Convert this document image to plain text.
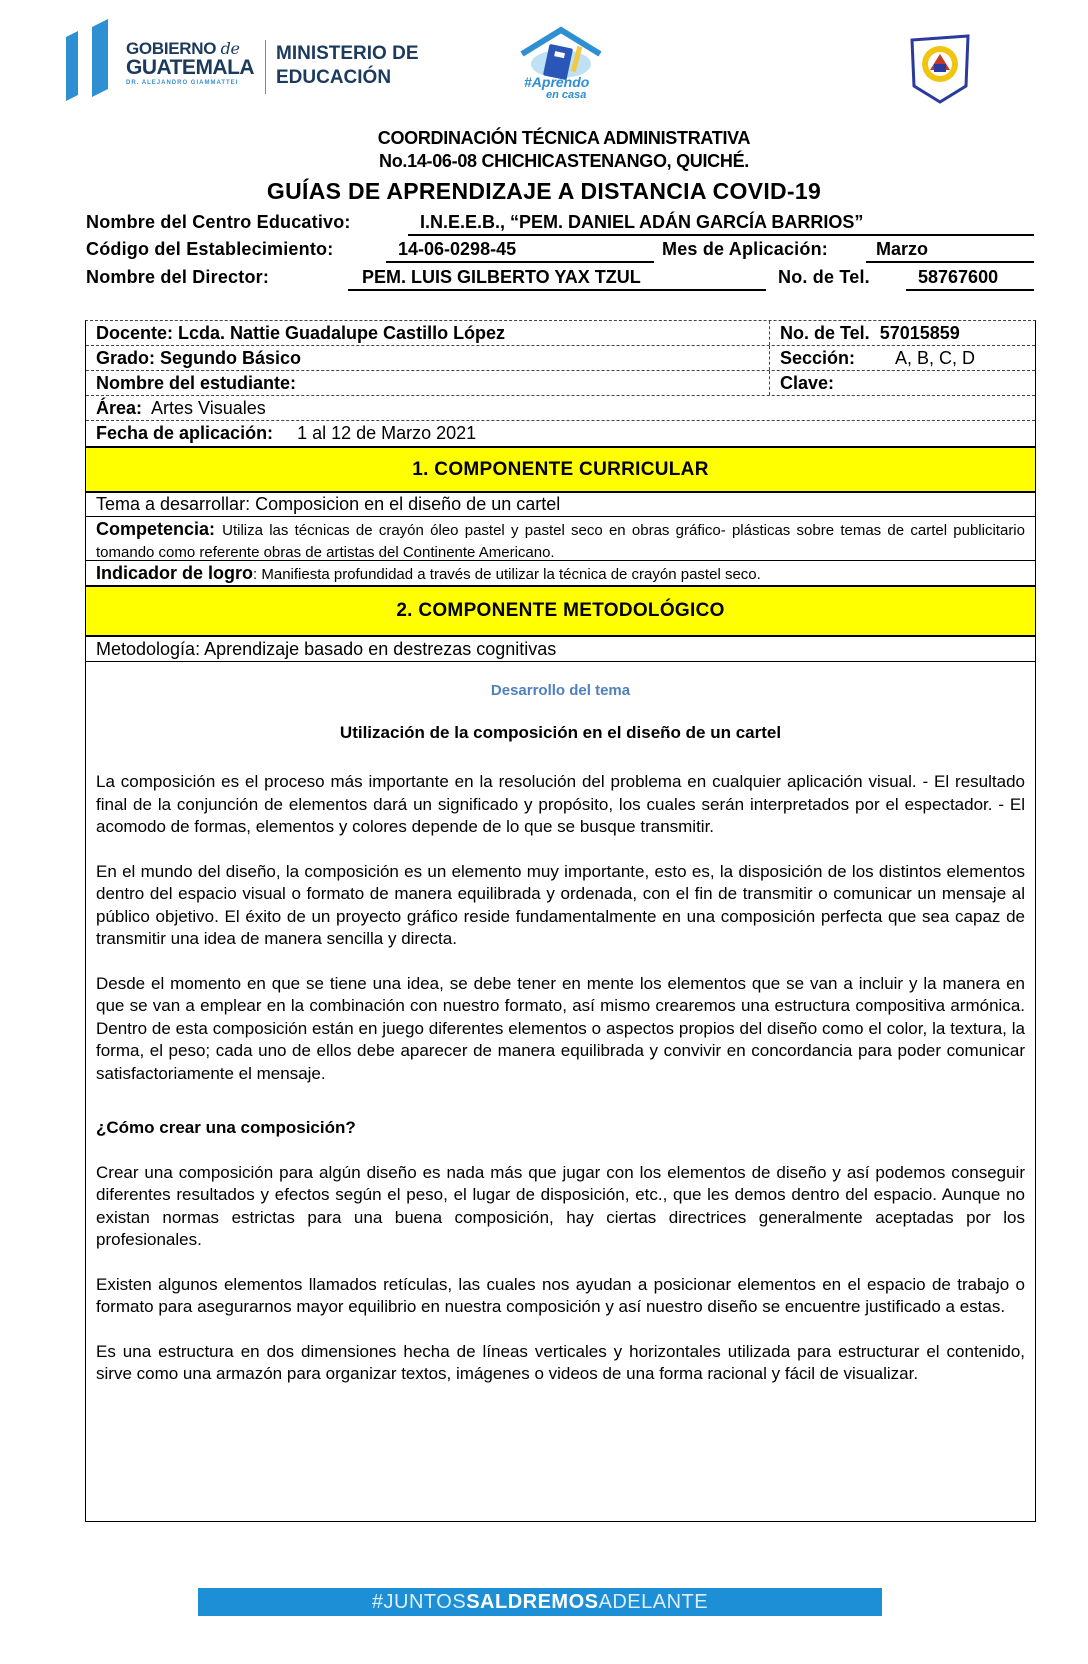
GOBIERNO de
GUATEMALA
DR. ALEJANDRO GIAMMATTEI
MINISTERIO DE
EDUCACIÓN	#Aprendo
en casa
COORDINACIÓN TÉCNICA ADMINISTRATIVA
No.14-06-08 CHICHICASTENANGO, QUICHÉ.
GUÍAS DE APRENDIZAJE A DISTANCIA COVID-19
Nombre del Centro Educativo:	I.N.E.E.B., “PEM. DANIEL ADÁN GARCÍA BARRIOS”
Código del Establecimiento:	14-06-0298-45	Mes de Aplicación:	Marzo
Nombre del Director:	PEM. LUIS GILBERTO YAX TZUL	No. de Tel.	58767600
Docente: Lcda. Nattie Guadalupe Castillo López	No. de Tel. 57015859
Grado: Segundo Básico	Sección: A, B, C, D
Nombre del estudiante:	Clave:
Área: Artes Visuales
Fecha de aplicación: 1 al 12 de Marzo 2021
1. COMPONENTE CURRICULAR
Tema a desarrollar: Composicion en el diseño de un cartel
Competencia: Utiliza las técnicas de crayón óleo pastel y pastel seco en obras gráfico- plásticas sobre temas de cartel publicitario tomando como referente obras de artistas del Continente Americano.
Indicador de logro: Manifiesta profundidad a través de utilizar la técnica de crayón pastel seco.
2. COMPONENTE METODOLÓGICO
Metodología: Aprendizaje basado en destrezas cognitivas
Desarrollo del tema
Utilización de la composición en el diseño de un cartel

La composición es el proceso más importante en la resolución del problema en cualquier aplicación visual. - El resultado final de la conjunción de elementos dará un significado y propósito, los cuales serán interpretados por el espectador. - El acomodo de formas, elementos y colores depende de lo que se busque transmitir.

En el mundo del diseño, la composición es un elemento muy importante, esto es, la disposición de los distintos elementos dentro del espacio visual o formato de manera equilibrada y ordenada, con el fin de transmitir o comunicar un mensaje al público objetivo. El éxito de un proyecto gráfico reside fundamentalmente en una composición perfecta que sea capaz de transmitir una idea de manera sencilla y directa.

Desde el momento en que se tiene una idea, se debe tener en mente los elementos que se van a incluir y la manera en que se van a emplear en la combinación con nuestro formato, así mismo crearemos una estructura compositiva armónica. Dentro de esta composición están en juego diferentes elementos o aspectos propios del diseño como el color, la textura, la forma, el peso; cada uno de ellos debe aparecer de manera equilibrada y convivir en concordancia para poder comunicar satisfactoriamente el mensaje.

¿Cómo crear una composición?

Crear una composición para algún diseño es nada más que jugar con los elementos de diseño y así podemos conseguir diferentes resultados y efectos según el peso, el lugar de disposición, etc., que les demos dentro del espacio. Aunque no existan normas estrictas para una buena composición, hay ciertas directrices generalmente aceptadas por los profesionales.

Existen algunos elementos llamados retículas, las cuales nos ayudan a posicionar elementos en el espacio de trabajo o formato para asegurarnos mayor equilibrio en nuestra composición y así nuestro diseño se encuentre justificado a estas.

Es una estructura en dos dimensiones hecha de líneas verticales y horizontales utilizada para estructurar el contenido, sirve como una armazón para organizar textos, imágenes o videos de una forma racional y fácil de visualizar.

#JUNTOSSALDREMOSADELANTE
